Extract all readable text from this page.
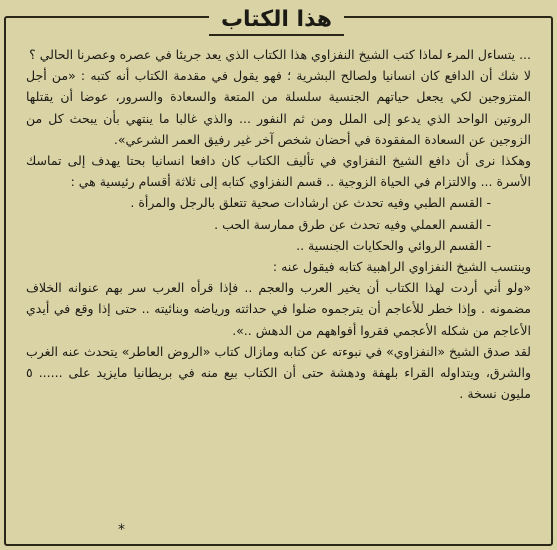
هذا الكتاب

... يتساءل المرء لماذا كتب الشيخ النفزاوي هذا الكتاب الذي يعد جريئا في عصره وعصرنا الحالي ؟

لا شك أن الدافع كان انسانيا ولصالح البشرية ؛ فهو يقول في مقدمة الكتاب أنه كتبه : «من أجل المتزوجين لكي يجعل حياتهم الجنسية سلسلة من المتعة والسعادة والسرور، عوضا أن يقتلها الروتين الواحد الذي يدعو إلى الملل ومن ثم النفور ... والذي غالبا ما ينتهي بأن يبحث كل من الزوجين عن السعادة المفقودة في أحضان شخص آخر غير رفيق العمر الشرعي».

وهكذا نرى أن دافع الشيخ النفزاوي في تأليف الكتاب كان دافعا انسانيا بحتا يهدف إلى تماسك الأسرة ... والالتزام في الحياة الزوجية .. قسم النفزاوي كتابه إلى ثلاثة أقسام رئيسية هي :

- القسم الطبي وفيه تحدث عن ارشادات صحية تتعلق بالرجل والمرأة .
- القسم العملي وفيه تحدث عن طرق ممارسة الحب .
- القسم الروائي والحكايات الجنسية ..

وينتسب الشيخ النفزاوي الراهبية كتابه فيقول عنه :

«ولو أني أردت لهذا الكتاب أن يخير العرب والعجم .. فإذا قرأه العرب سر بهم عنوانه الخلاف مضمونه . وإذا خطر للأعاجم أن يترجموه ضلوا في حداثته ورياضه وبنائيته .. حتى إذا وقع في أيدي الأعاجم من شكله الأعجمي فقروا أفواههم من الدهش ..».

لقد صدق الشيخ «النفزاوي» في نبوءته عن كتابه ومازال كتاب «الروض العاطر» يتحدث عنه الغرب والشرق، ويتداوله القراء بلهفة ودهشة حتى أن الكتاب بيع منه في بريطانيا مايزيد على ...... ٥ مليون نسخة .

*
